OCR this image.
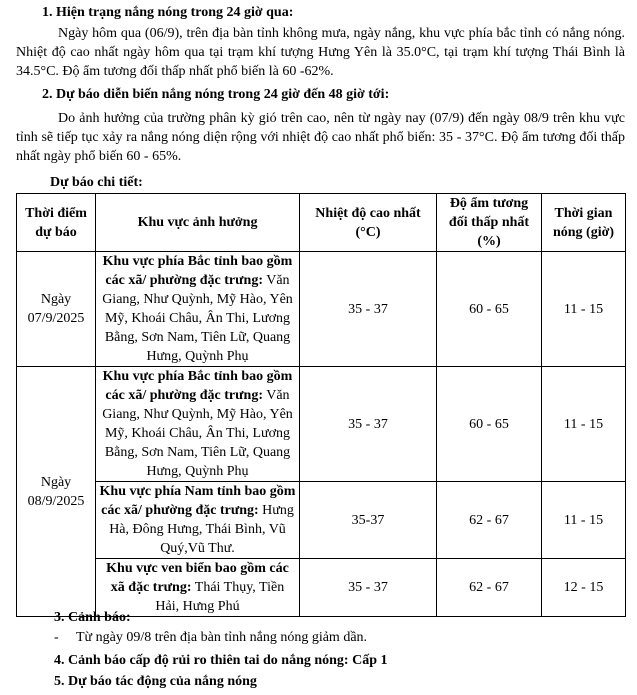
1. Hiện trạng nắng nóng trong 24 giờ qua:
Ngày hôm qua (06/9), trên địa bàn tỉnh không mưa, ngày nắng, khu vực phía bắc tỉnh có nắng nóng. Nhiệt độ cao nhất ngày hôm qua tại trạm khí tượng Hưng Yên là 35.0°C, tại trạm khí tượng Thái Bình là 34.5°C. Độ ẩm tương đối thấp nhất phổ biến là 60 -62%.
2. Dự báo diễn biến nắng nóng trong 24 giờ đến 48 giờ tới:
Do ảnh hưởng của trường phân kỳ gió trên cao, nên từ ngày nay (07/9) đến ngày 08/9 trên khu vực tỉnh sẽ tiếp tục xảy ra nắng nóng diện rộng với nhiệt độ cao nhất phổ biến: 35 - 37°C. Độ ẩm tương đối thấp nhất ngày phổ biến 60 - 65%.
Dự báo chi tiết:
Thời điểm dự báo	Khu vực ảnh hưởng	Nhiệt độ cao nhất (°C)	Độ ẩm tương đối thấp nhất (%)	Thời gian nóng (giờ)
Ngày 07/9/2025	Khu vực phía Bắc tỉnh bao gồm các xã/ phường đặc trưng: Văn Giang, Như Quỳnh, Mỹ Hào, Yên Mỹ, Khoái Châu, Ân Thi, Lương Bằng, Sơn Nam, Tiên Lữ, Quang Hưng, Quỳnh Phụ	35 - 37	60 - 65	11 - 15
Ngày 08/9/2025	Khu vực phía Bắc tỉnh bao gồm các xã/ phường đặc trưng: Văn Giang, Như Quỳnh, Mỹ Hào, Yên Mỹ, Khoái Châu, Ân Thi, Lương Bằng, Sơn Nam, Tiên Lữ, Quang Hưng, Quỳnh Phụ	35 - 37	60 - 65	11 - 15
	Khu vực phía Nam tỉnh bao gồm các xã/ phường đặc trưng: Hưng Hà, Đông Hưng, Thái Bình, Vũ Quý,Vũ Thư.	35-37	62 - 67	11 - 15
	Khu vực ven biển bao gồm các xã đặc trưng: Thái Thụy, Tiền Hải, Hưng Phú	35 - 37	62 - 67	12 - 15
3. Cảnh báo:
- Từ ngày 09/8 trên địa bàn tỉnh nắng nóng giảm dần.
4. Cảnh báo cấp độ rủi ro thiên tai do nắng nóng: Cấp 1
5. Dự báo tác động của nắng nóng
